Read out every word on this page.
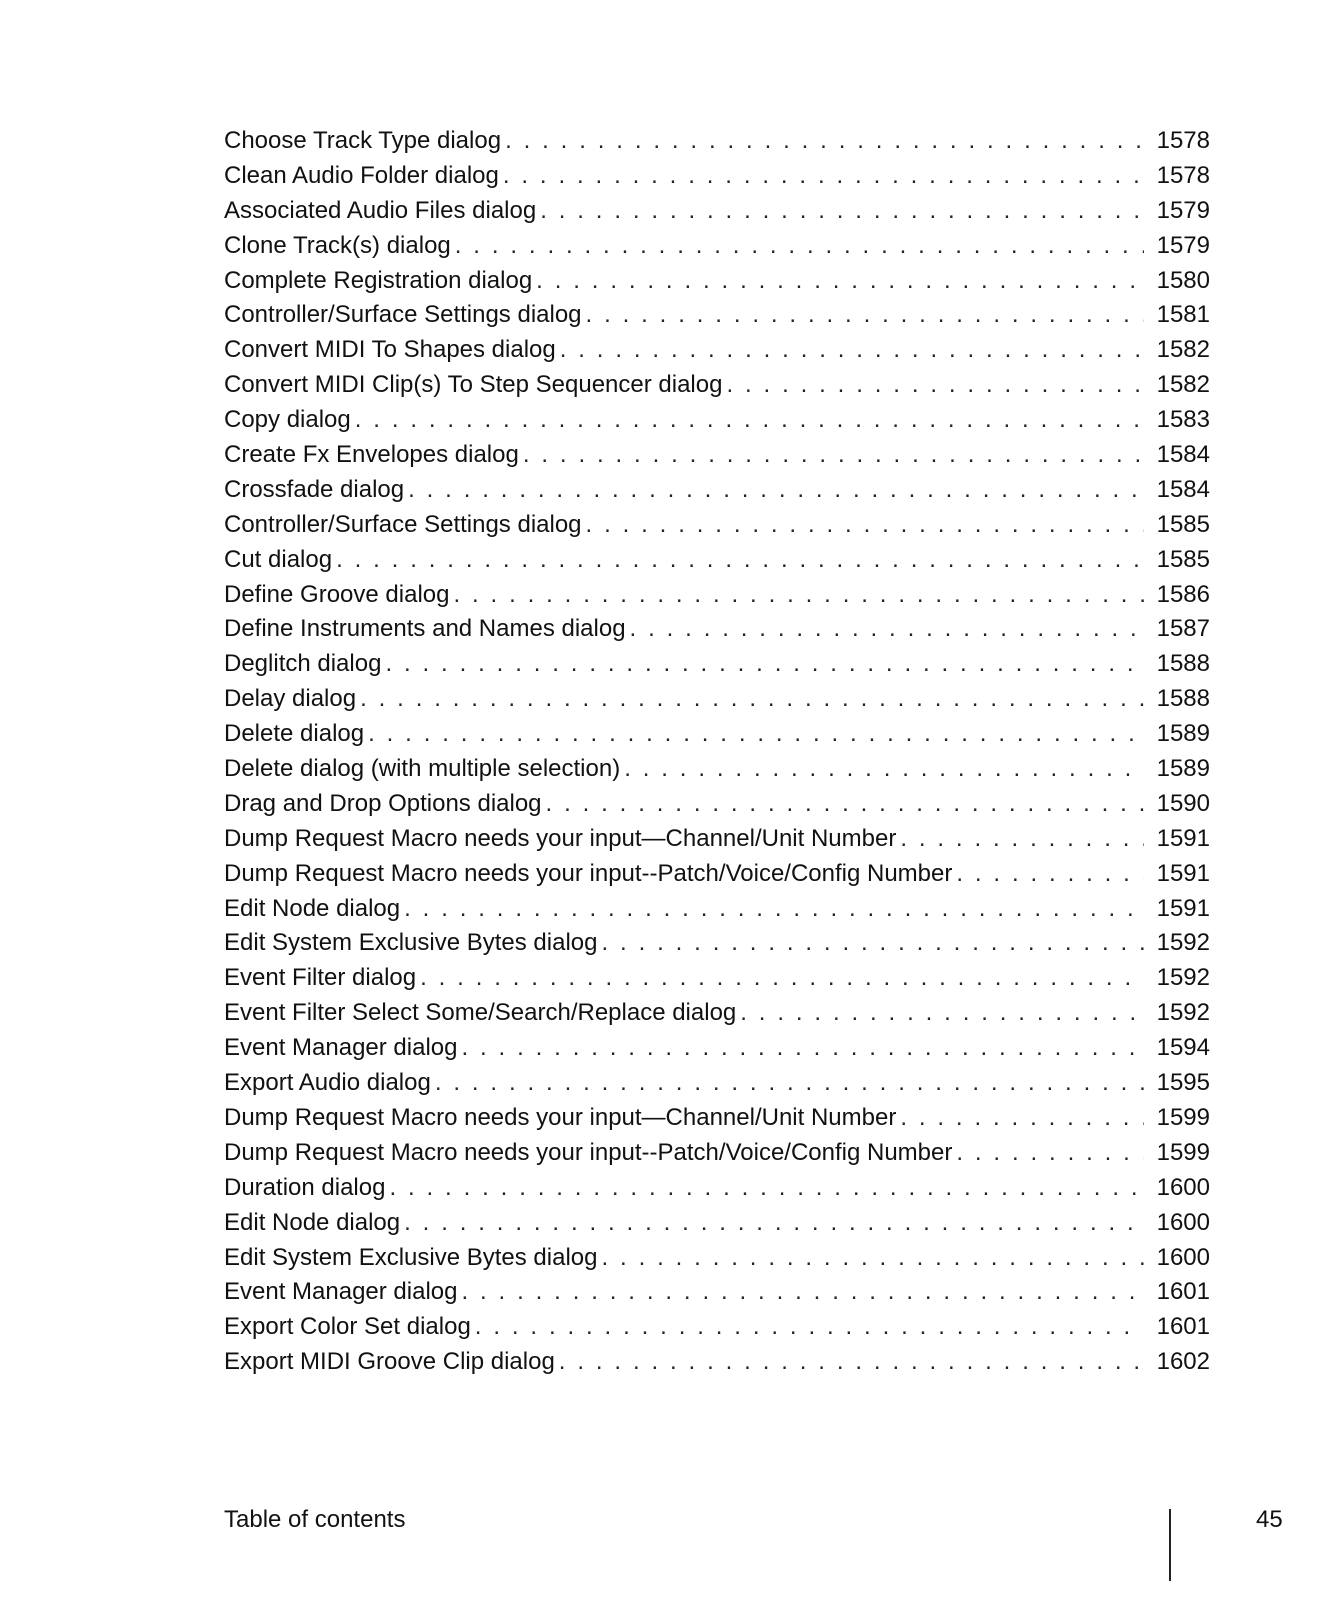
Choose Track Type dialog . . .	1578
Clean Audio Folder dialog . . .	1578
Associated Audio Files dialog . . .	1579
Clone Track(s) dialog . . .	1579
Complete Registration dialog . . .	1580
Controller/Surface Settings dialog . . .	1581
Convert MIDI To Shapes dialog . . .	1582
Convert MIDI Clip(s) To Step Sequencer dialog . . .	1582
Copy dialog . . .	1583
Create Fx Envelopes dialog . . .	1584
Crossfade dialog . . .	1584
Controller/Surface Settings dialog . . .	1585
Cut dialog . . .	1585
Define Groove dialog . . .	1586
Define Instruments and Names dialog . . .	1587
Deglitch dialog . . .	1588
Delay dialog . . .	1588
Delete dialog . . .	1589
Delete dialog (with multiple selection) . . .	1589
Drag and Drop Options dialog . . .	1590
Dump Request Macro needs your input—Channel/Unit Number . . .	1591
Dump Request Macro needs your input--Patch/Voice/Config Number . . .	1591
Edit Node dialog . . .	1591
Edit System Exclusive Bytes dialog . . .	1592
Event Filter dialog . . .	1592
Event Filter Select Some/Search/Replace dialog . . .	1592
Event Manager dialog . . .	1594
Export Audio dialog . . .	1595
Dump Request Macro needs your input—Channel/Unit Number . . .	1599
Dump Request Macro needs your input--Patch/Voice/Config Number . . .	1599
Duration dialog . . .	1600
Edit Node dialog . . .	1600
Edit System Exclusive Bytes dialog . . .	1600
Event Manager dialog . . .	1601
Export Color Set dialog . . .	1601
Export MIDI Groove Clip dialog . . .	1602
Table of contents	45
